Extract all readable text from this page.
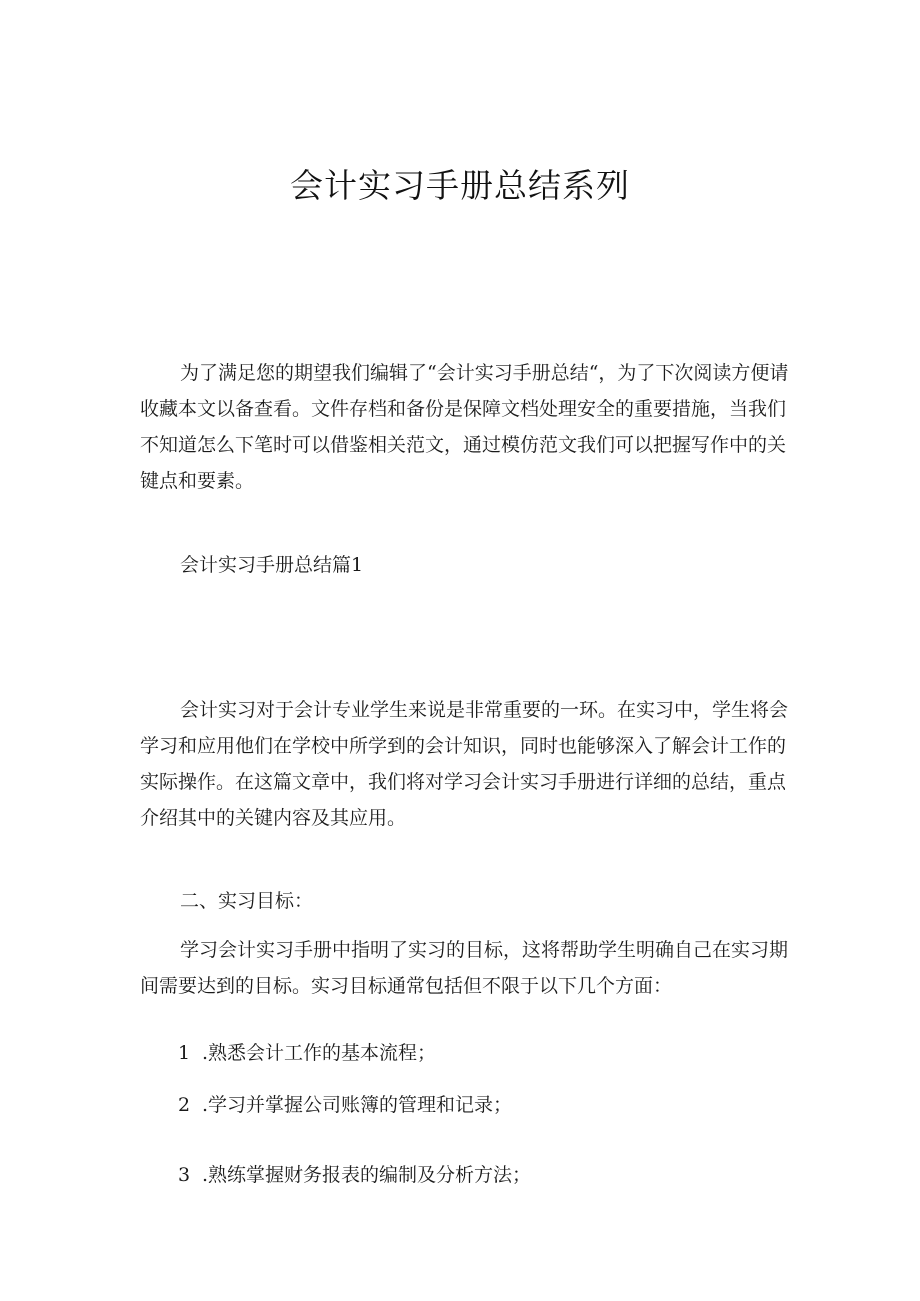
会计实习手册总结系列

为了满足您的期望我们编辑了“会计实习手册总结“，为了下次阅读方便请收藏本文以备查看。文件存档和备份是保障文档处理安全的重要措施，当我们不知道怎么下笔时可以借鉴相关范文，通过模仿范文我们可以把握写作中的关键点和要素。

会计实习手册总结篇1

会计实习对于会计专业学生来说是非常重要的一环。在实习中，学生将会学习和应用他们在学校中所学到的会计知识，同时也能够深入了解会计工作的实际操作。在这篇文章中，我们将对学习会计实习手册进行详细的总结，重点介绍其中的关键内容及其应用。

二、实习目标：

学习会计实习手册中指明了实习的目标，这将帮助学生明确自己在实习期间需要达到的目标。实习目标通常包括但不限于以下几个方面：

1 .熟悉会计工作的基本流程；
2 .学习并掌握公司账簿的管理和记录；
3 .熟练掌握财务报表的编制及分析方法；
